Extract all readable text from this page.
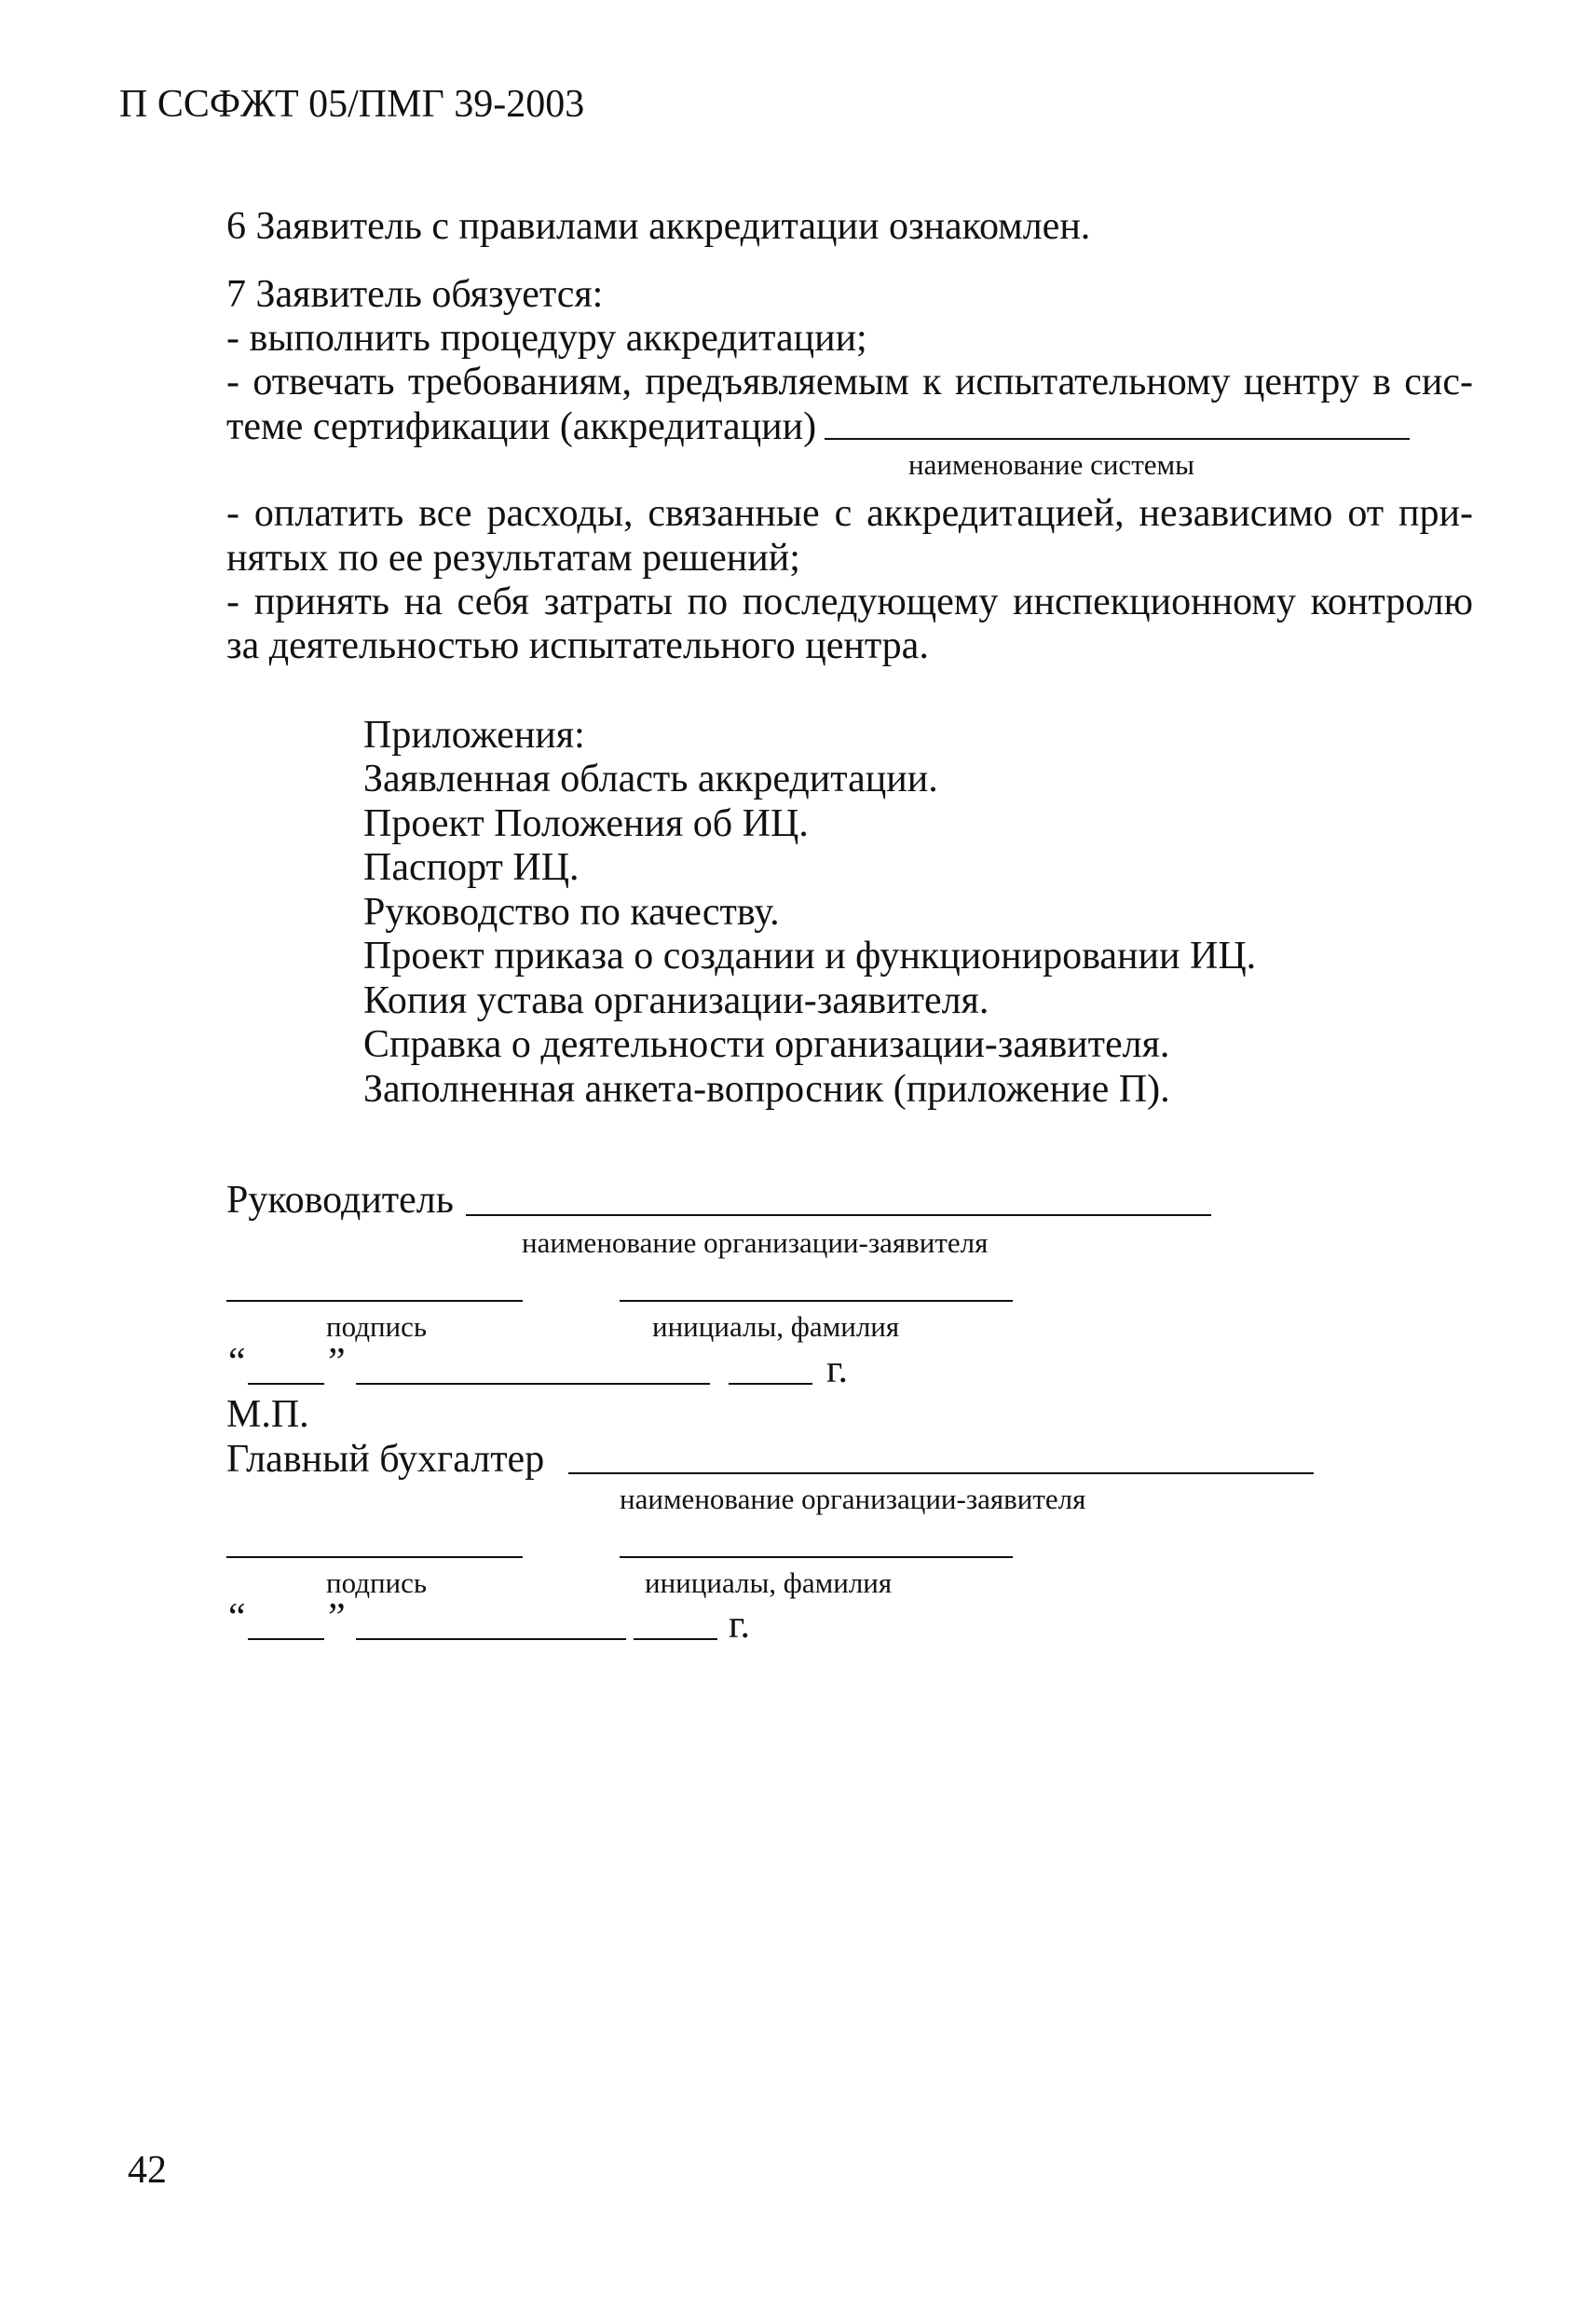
П ССФЖТ 05/ПМГ 39-2003
6 Заявитель с правилами аккредитации ознакомлен.
7 Заявитель обязуется:
- выполнить процедуру аккредитации;
- отвечать требованиям, предъявляемым к испытательному центру в сис-
теме сертификации (аккредитации)
наименование системы
- оплатить все расходы, связанные с аккредитацией, независимо от при-
нятых по ее результатам решений;
- принять на себя затраты по последующему инспекционному контролю
за деятельностью испытательного центра.
Приложения:
Заявленная область аккредитации.
Проект Положения об ИЦ.
Паспорт ИЦ.
Руководство по качеству.
Проект приказа о создании и функционировании ИЦ.
Копия устава организации-заявителя.
Справка о деятельности организации-заявителя.
Заполненная анкета-вопросник (приложение П).
Руководитель
наименование организации-заявителя
подпись	инициалы, фамилия
“ ”	г.
М.П.
Главный бухгалтер
наименование организации-заявителя
подпись	инициалы, фамилия
“ ”	г.
42
